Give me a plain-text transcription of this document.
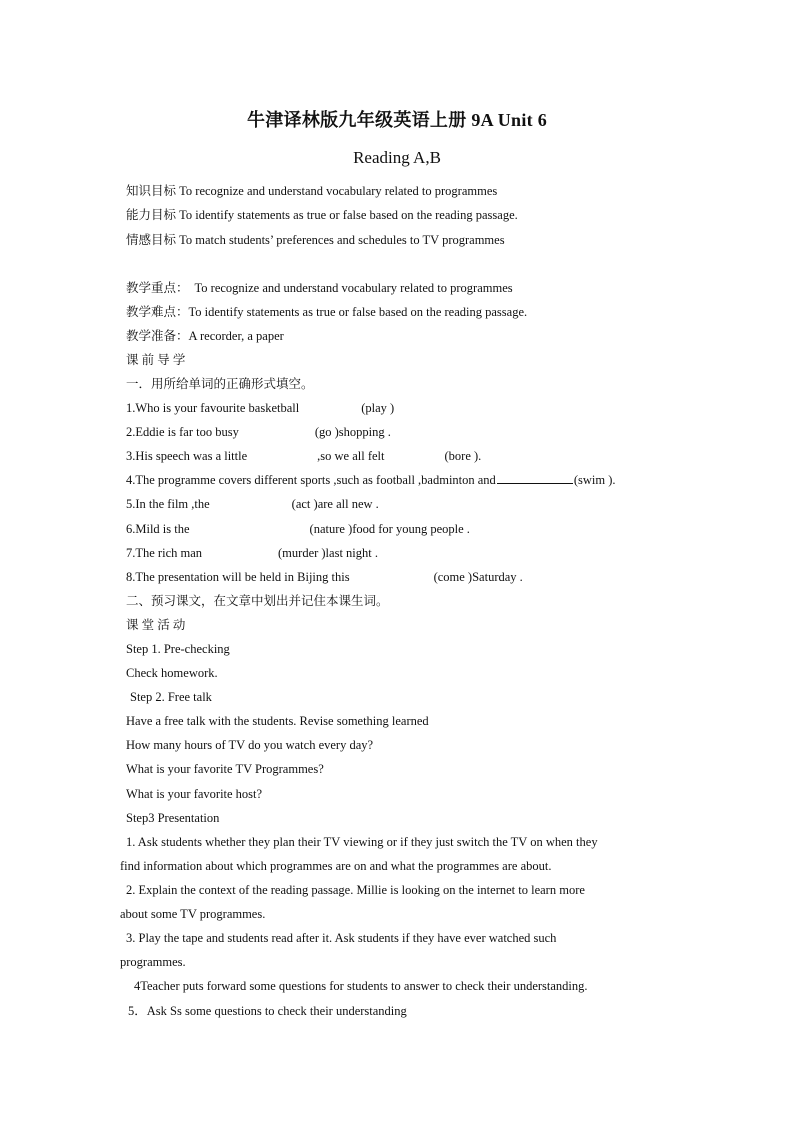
牛津译林版九年级英语上册 9A Unit 6
Reading A,B
知识目标 To recognize and understand vocabulary related to programmes
能力目标 To identify statements as true or false based on the reading passage.
情感目标 To match students’ preferences and schedules to TV programmes
教学重点： To recognize and understand vocabulary related to programmes
教学难点：To identify statements as true or false based on the reading passage.
教学准备：A recorder, a paper
课 前 导 学
一．用所给单词的正确形式填空。
1.Who is your favourite basketball	(play )
2.Eddie is far too busy	(go )shopping .
3.His speech was a little	,so we all felt	(bore ).
4.The programme covers different sports ,such as football ,badminton and	(swim ).
5.In the film ,the	(act )are all new .
6.Mild is the	(nature )food for young people .
7.The rich man	(murder )last night .
8.The presentation will be held in Bijing this	(come )Saturday .
二、预习课文，在文章中划出并记住本课生词。
课 堂 活 动
Step 1. Pre-checking
Check homework.
Step 2. Free talk
Have a free talk with the students. Revise something learned
How many hours of TV do you watch every day?
What is your favorite TV Programmes?
What is your favorite host?
Step3 Presentation
1. Ask students whether they plan their TV viewing or if they just switch the TV on when they
find information about which programmes are on and what the programmes are about.
2. Explain the context of the reading passage. Millie is looking on the internet to learn more
about some TV programmes.
3. Play the tape and students read after it. Ask students if they have ever watched such
programmes.
4Teacher puts forward some questions for students to answer to check their understanding.
5．Ask Ss some questions to check their understanding
